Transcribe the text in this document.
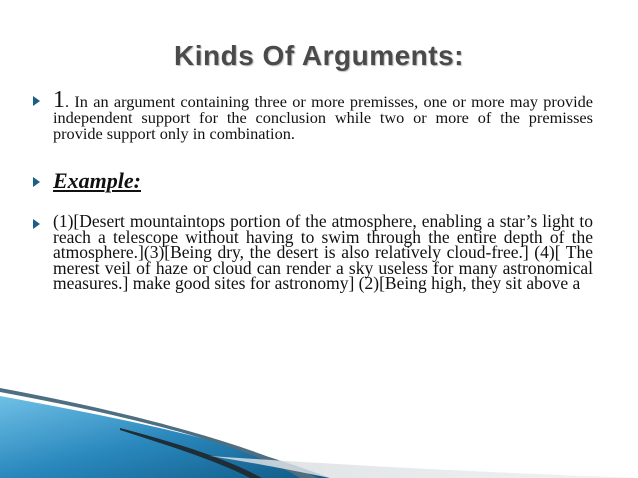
Kinds Of Arguments:
1. In an argument containing three or more premisses, one or more may provide independent support for the conclusion while two or more of the premisses provide support only in combination.
Example:
(1)[Desert mountaintops portion of the atmosphere, enabling a star’s light to reach a telescope without having to swim through the entire depth of the atmosphere.](3)[Being dry, the desert is also relatively cloud-free.] (4)[ The merest veil of haze or cloud can render a sky useless for many astronomical measures.] make good sites for astronomy] (2)[Being high, they sit above a
